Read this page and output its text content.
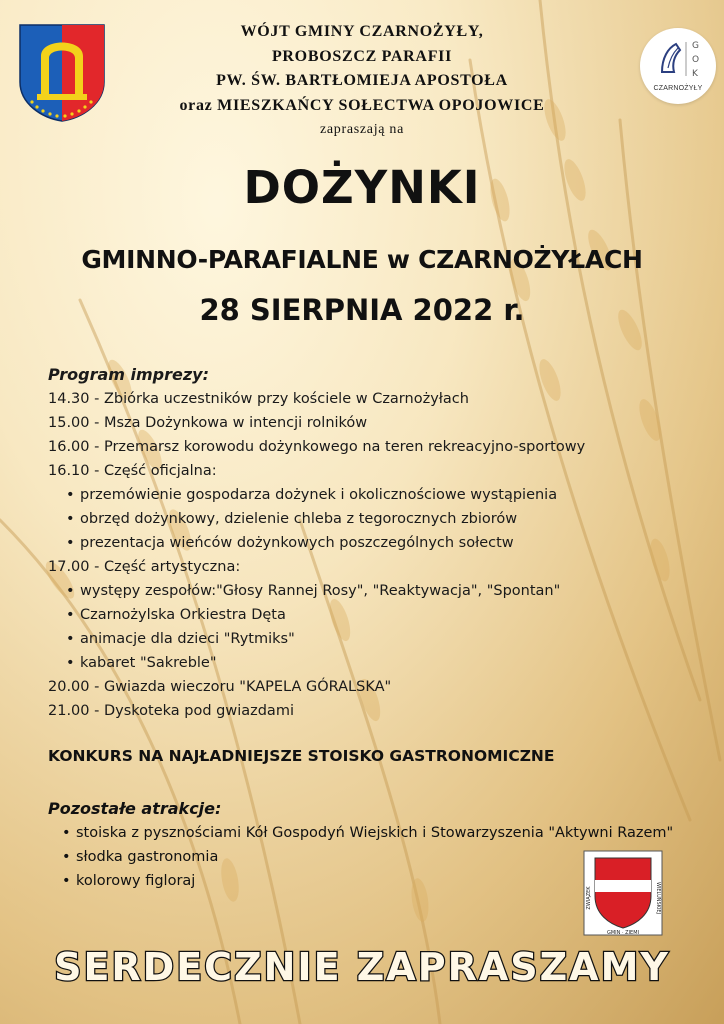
G
O
K
CZARNOŻYŁY
WÓJT GMINY CZARNOŻYŁY,
PROBOSZCZ PARAFII
PW. ŚW. BARTŁOMIEJA APOSTOŁA
oraz MIESZKAŃCY SOŁECTWA OPOJOWICE
zapraszają na
DOŻYNKI
GMINNO-PARAFIALNE w CZARNOŻYŁACH
28 SIERPNIA 2022 r.
Program imprezy:
14.30 - Zbiórka uczestników przy kościele w Czarnożyłach
15.00 - Msza Dożynkowa w intencji rolników
16.00 - Przemarsz korowodu dożynkowego na teren rekreacyjno-sportowy
16.10 - Część oficjalna:
• przemówienie gospodarza dożynek i okolicznościowe wystąpienia
• obrzęd dożynkowy, dzielenie chleba z tegorocznych zbiorów
• prezentacja wieńców dożynkowych poszczególnych sołectw
17.00 - Część artystyczna:
• występy zespołów:"Głosy Rannej Rosy", "Reaktywacja", "Spontan"
• Czarnożylska Orkiestra Dęta
• animacje dla dzieci "Rytmiks"
• kabaret "Sakreble"
20.00 - Gwiazda wieczoru "KAPELA GÓRALSKA"
21.00 - Dyskoteka pod gwiazdami
KONKURS NA NAJŁADNIEJSZE STOISKO GASTRONOMICZNE
Pozostałe atrakcje:
• stoiska z pysznościami Kół Gospodyń Wiejskich i Stowarzyszenia "Aktywni Razem"
• słodka gastronomia
• kolorowy figloraj
ZWIĄZEK	WIELUŃSKIEJ
GMIN · ZIEMI
SERDECZNIE ZAPRASZAMY
